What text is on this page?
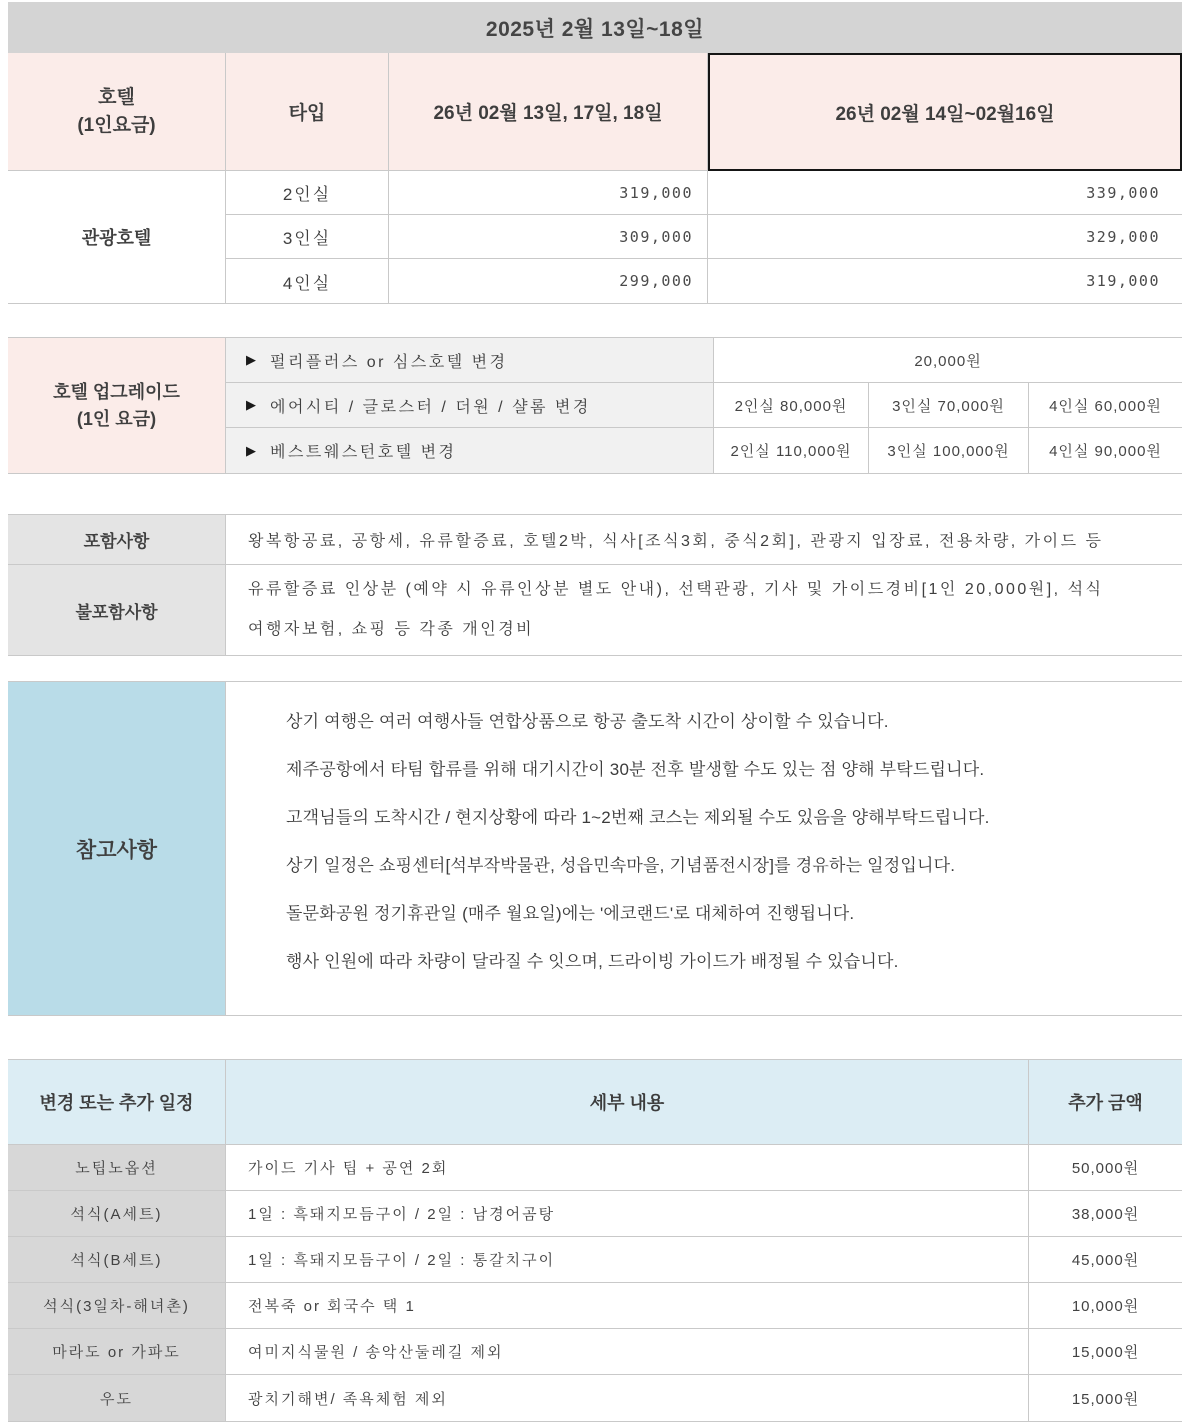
2025년 2월 13일~18일
호텔
(1인요금)
타입	26년 02월 13일, 17일, 18일	26년 02월 14일~02월16일
관광호텔
2인실	319,000	339,000
3인실	309,000	329,000
4인실	299,000	319,000
호텔 업그레이드
(1인 요금)
▶ 펄리플러스 or 심스호텔 변경	20,000원
▶ 에어시티 / 글로스터 / 더원 / 샬롬 변경	2인실 80,000원	3인실 70,000원	4인실 60,000원
▶ 베스트웨스턴호텔 변경	2인실 110,000원	3인실 100,000원	4인실 90,000원
포함사항	왕복항공료, 공항세, 유류할증료, 호텔2박, 식사[조식3회, 중식2회], 관광지 입장료, 전용차량, 가이드 등
불포함사항
유류할증료 인상분 (예약 시 유류인상분 별도 안내), 선택관광, 기사 및 가이드경비[1인 20,000원], 석식
여행자보험, 쇼핑 등 각종 개인경비
참고사항
상기 여행은 여러 여행사들 연합상품으로 항공 출도착 시간이 상이할 수 있습니다.
제주공항에서 타팀 합류를 위해 대기시간이 30분 전후 발생할 수도 있는 점 양해 부탁드립니다.
고객님들의 도착시간 / 현지상황에 따라 1~2번째 코스는 제외될 수도 있음을 양해부탁드립니다.
상기 일정은 쇼핑센터[석부작박물관, 성읍민속마을, 기념품전시장]를 경유하는 일정입니다.
돌문화공원 정기휴관일 (매주 월요일)에는 '에코랜드'로 대체하여 진행됩니다.
행사 인원에 따라 차량이 달라질 수 잇으며, 드라이빙 가이드가 배정될 수 있습니다.
변경 또는 추가 일정	세부 내용	추가 금액
노팁노옵션	가이드 기사 팁 + 공연 2회	50,000원
석식(A세트)	1일 : 흑돼지모듬구이 / 2일 : 남경어곰탕	38,000원
석식(B세트)	1일 : 흑돼지모듬구이 / 2일 : 통갈치구이	45,000원
석식(3일차-해녀촌)	전복죽 or 회국수 택 1	10,000원
마라도 or 가파도	여미지식물원 / 송악산둘레길 제외	15,000원
우도	광치기해변/ 족욕체험 제외	15,000원
